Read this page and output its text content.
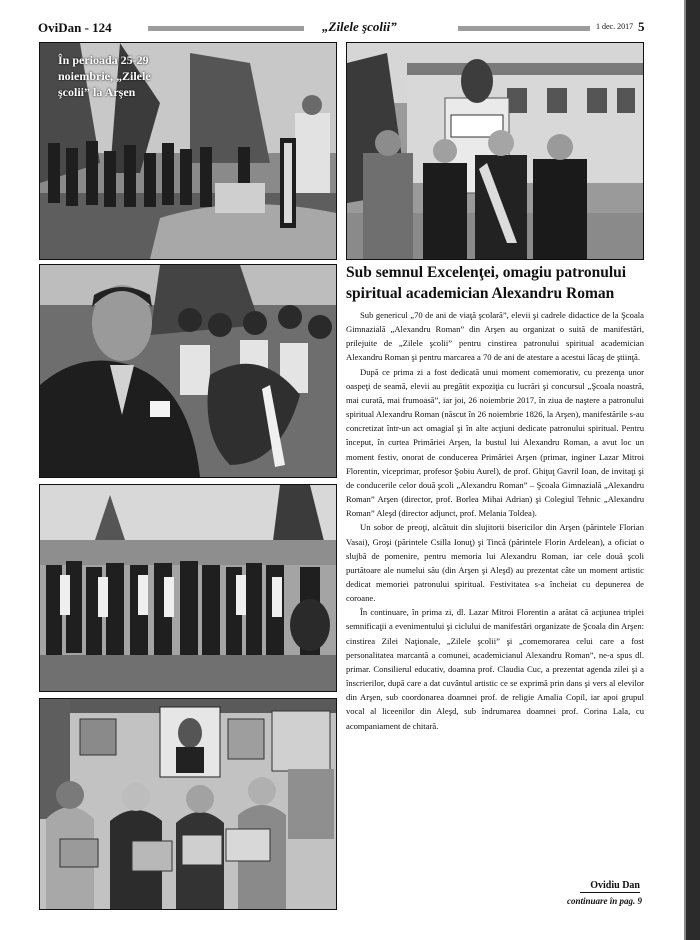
OviDan - 124	„Zilele şcolii”	1 dec. 2017 5
În perioada 25-29 noiembrie, „Zilele şcolii” la Arşen
Sub semnul Excelenţei, omagiu patronului spiritual academician Alexandru Roman

Sub genericul „70 de ani de viaţă şcolară”, elevii şi cadrele didactice de la Şcoala Gimnazială „Alexandru Roman” din Arşen au organizat o suită de manifestări, prilejuite de „Zilele şcolii” pentru cinstirea patronului spiritual academician Alexandru Roman şi pentru marcarea a 70 de ani de atestare a acestui lăcaş de ştiinţă.

După ce prima zi a fost dedicată unui moment comemorativ, cu prezenţa unor oaspeţi de seamă, elevii au pregătit expoziţia cu lucrări şi concursul „Şcoala noastră, mai curată, mai frumoasă”, iar joi, 26 noiembrie 2017, în ziua de naştere a patronului spiritual Alexandru Roman (născut în 26 noiembrie 1826, la Arşen), manifestările s-au concretizat într-un act omagial şi în alte acţiuni dedicate patronului spiritual. Pentru început, în curtea Primăriei Arşen, la bustul lui Alexandru Roman, a avut loc un moment festiv, onorat de conducerea Primăriei Arşen (primar, inginer Lazar Mitroi Florentin, viceprimar, profesor Şobiu Aurel), de prof. Ghiţuţ Gavril Ioan, de invitaţi şi de conducerile celor două şcoli „Alexandru Roman” – Şcoala Gimnazială „Alexandru Roman” Arşen (director, prof. Borlea Mihai Adrian) şi Colegiul Tehnic „Alexandru Roman” Aleşd (director adjunct, prof. Melania Toldea).

Un sobor de preoţi, alcătuit din slujitorii bisericilor din Arşen (părintele Florian Vasai), Groşi (părintele Csilla Ionuţ) şi Tincă (părintele Florin Ardelean), a oficiat o slujbă de pomenire, pentru memoria lui Alexandru Roman, iar cele două şcoli purtătoare ale numelui său (din Arşen şi Aleşd) au prezentat câte un moment artistic dedicat memoriei patronului spiritual. Festivitatea s-a încheiat cu depunerea de coroane.

În continuare, în prima zi, dl. Lazar Mitroi Florentin a arătat că acţiunea triplei semnificaţii a evenimentului şi ciclului de manifestări organizate de Şcoala din Arşen: cinstirea Zilei Naţionale, „Zilele şcolii” şi „comemorarea celui care a fost personalitatea marcantă a comunei, academicianul Alexandru Roman”, ne-a spus dl. primar. Consilierul educativ, doamna prof. Claudia Cuc, a prezentat agenda zilei şi a înscrierilor, după care a dat cuvântul artistic ce se exprimă prin dans şi vers al elevilor din Arşen, sub coordonarea doamnei prof. de religie Amalia Copil, iar apoi grupul vocal al liceenilor din Aleşd, sub îndrumarea doamnei prof. Corina Lala, cu acompaniament de chitară.

Ovidiu Dan
continuare în pag. 9
